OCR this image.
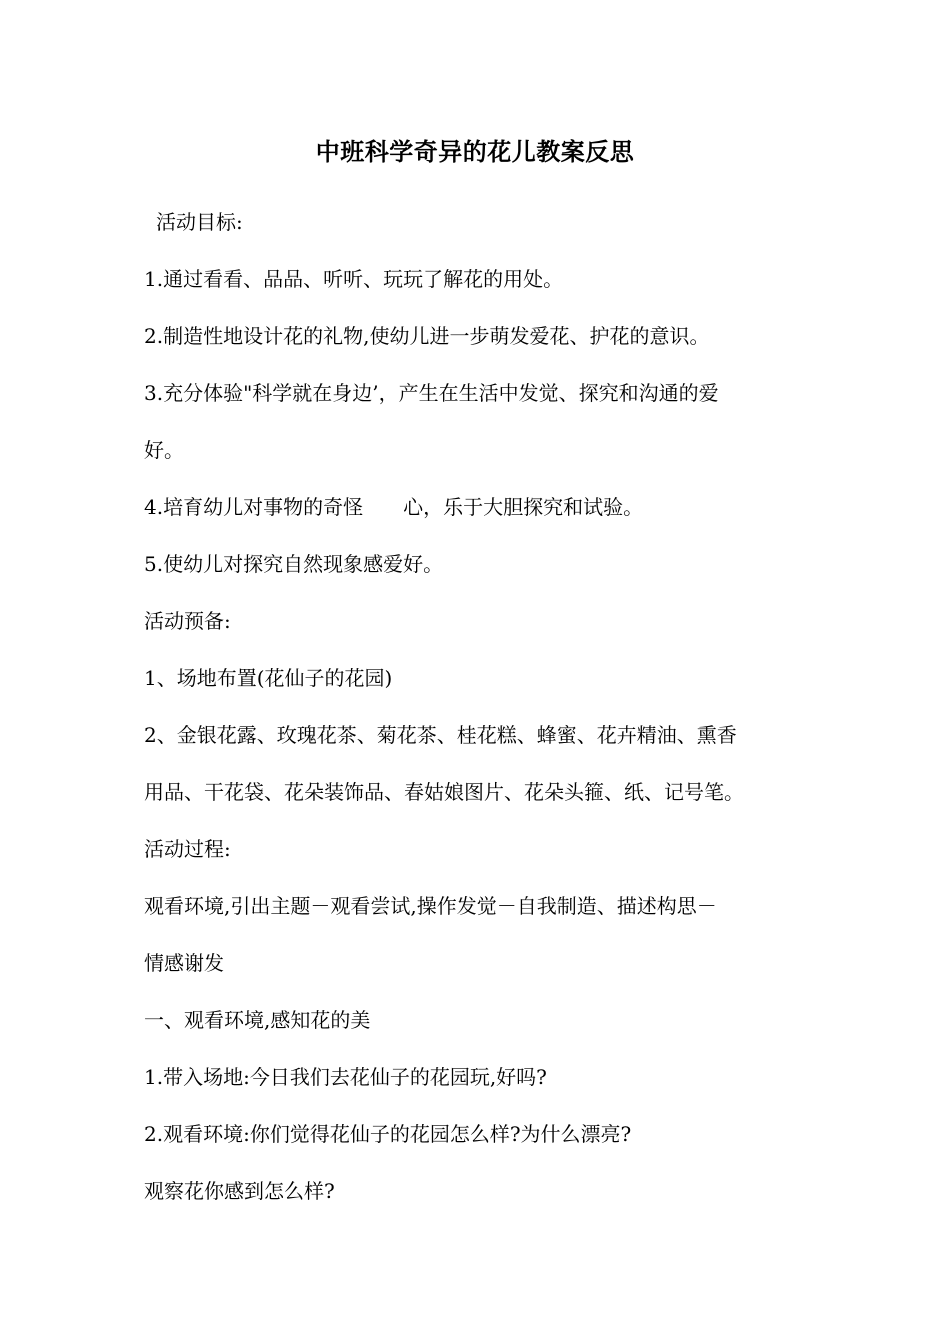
中班科学奇异的花儿教案反思
活动目标:
1.通过看看、品品、听听、玩玩了解花的用处。
2.制造性地设计花的礼物,使幼儿进一步萌发爱花、护花的意识。
3.充分体验"科学就在身边’，产生在生活中发觉、探究和沟通的爱
好。
4.培育幼儿对事物的奇怪　　心，乐于大胆探究和试验。
5.使幼儿对探究自然现象感爱好。
活动预备:
1、场地布置(花仙子的花园)
2、金银花露、玫瑰花茶、菊花茶、桂花糕、蜂蜜、花卉精油、熏香
用品、干花袋、花朵装饰品、春姑娘图片、花朵头箍、纸、记号笔。
活动过程:
观看环境,引出主题－观看尝试,操作发觉－自我制造、描述构思－
情感谢发
一、观看环境,感知花的美
1.带入场地:今日我们去花仙子的花园玩,好吗?
2.观看环境:你们觉得花仙子的花园怎么样?为什么漂亮?
观察花你感到怎么样?
